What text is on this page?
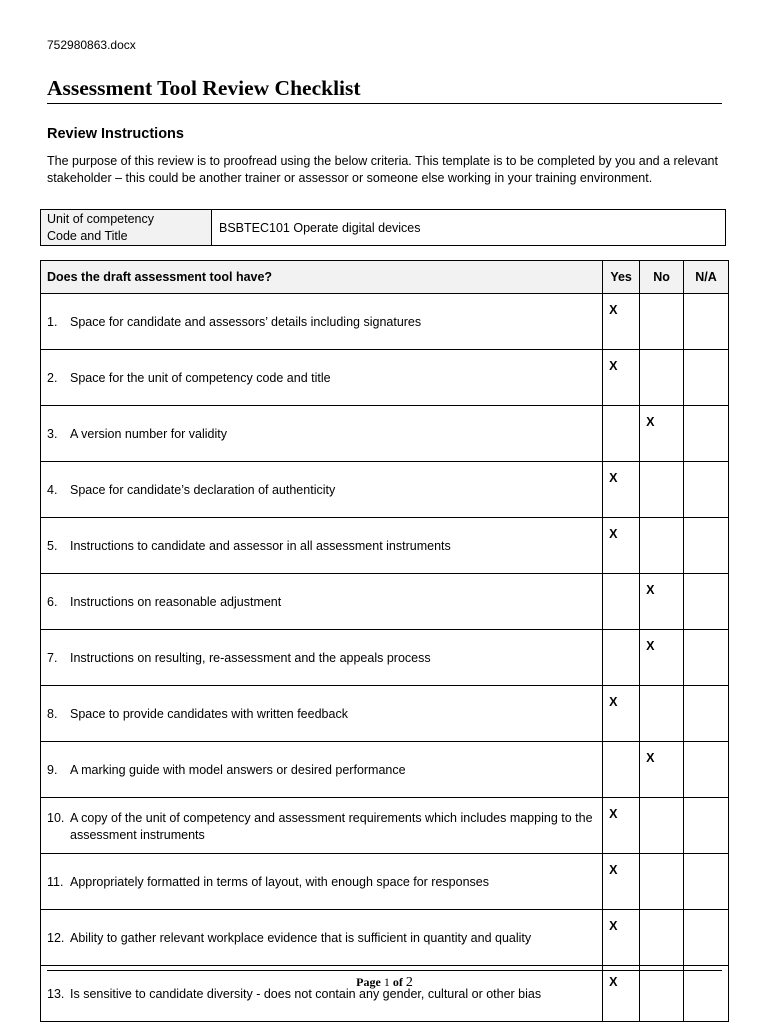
752980863.docx
Assessment Tool Review Checklist
Review Instructions
The purpose of this review is to proofread using the below criteria. This template is to be completed by you and a relevant stakeholder – this could be another trainer or assessor or someone else working in your training environment.
Unit of competency
Code and Title
	BSBTEC101 Operate digital devices
Does the draft assessment tool have?	Yes	No	N/A

1. Space for candidate and assessors’ details including signatures	X		

2. Space for the unit of competency code and title	X		

3. A version number for validity		X	

4. Space for candidate’s declaration of authenticity	X		

5. Instructions to candidate and assessor in all assessment instruments	X		

6. Instructions on reasonable adjustment		X	

7. Instructions on resulting, re-assessment and the appeals process		X	

8. Space to provide candidates with written feedback	X		

9. A marking guide with model answers or desired performance		X	

10. A copy of the unit of competency and assessment requirements which includes mapping to the assessment instruments	X		

11. Appropriately formatted in terms of layout, with enough space for responses	X		

12. Ability to gather relevant workplace evidence that is sufficient in quantity and quality	X		

13. Is sensitive to candidate diversity - does not contain any gender, cultural or other bias	X		
Page 1 of 2
